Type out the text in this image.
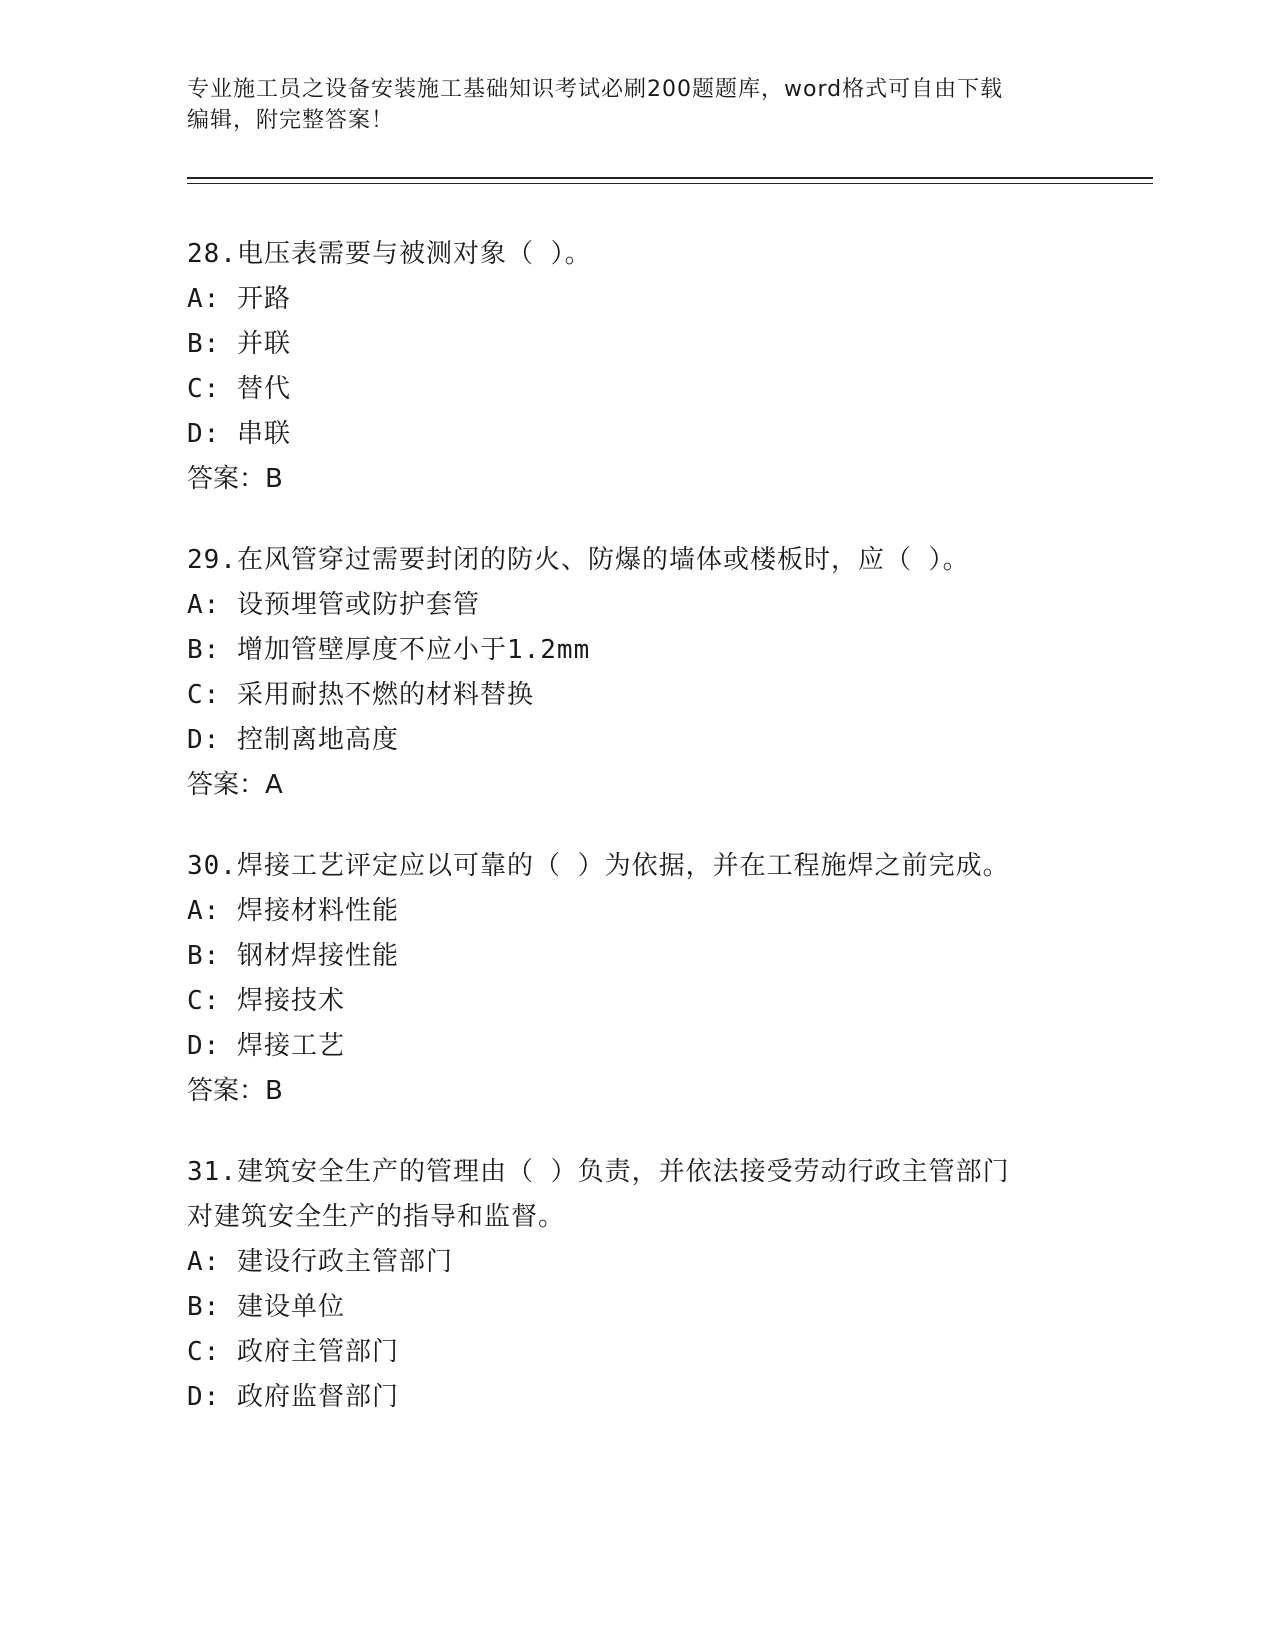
专业施工员之设备安装施工基础知识考试必刷200题题库，word格式可自由下载
编辑，附完整答案！
28.电压表需要与被测对象（ ）。
A: 开路
B: 并联
C: 替代
D: 串联
答案：B
29.在风管穿过需要封闭的防火、防爆的墙体或楼板时，应（ ）。
A: 设预埋管或防护套管
B: 增加管壁厚度不应小于1.2mm
C: 采用耐热不燃的材料替换
D: 控制离地高度
答案：A
30.焊接工艺评定应以可靠的（ ）为依据，并在工程施焊之前完成。
A: 焊接材料性能
B: 钢材焊接性能
C: 焊接技术
D: 焊接工艺
答案：B
31.建筑安全生产的管理由（ ）负责，并依法接受劳动行政主管部门
对建筑安全生产的指导和监督。
A: 建设行政主管部门
B: 建设单位
C: 政府主管部门
D: 政府监督部门
